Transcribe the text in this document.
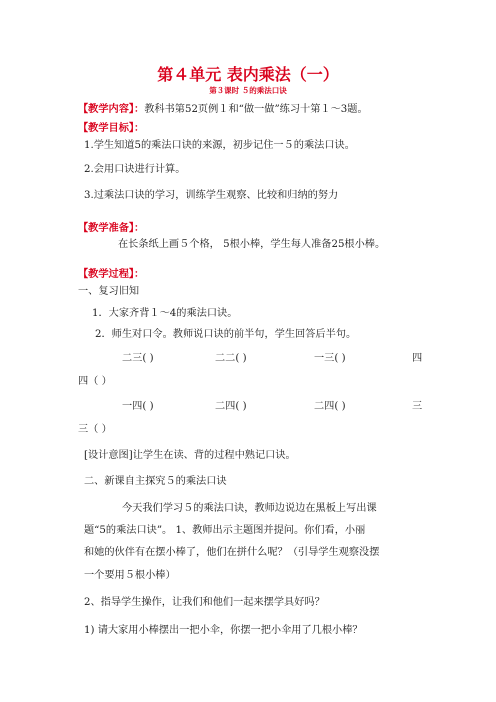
第４单元 表内乘法（一）
第３课时 ５的乘法口诀
【教学内容】：教科书第52页例１和“做一做”练习十第１～3题。
【教学目标】：
1.学生知道5的乘法口诀的来源，初步记住一５的乘法口诀。
2.会用口诀进行计算。
3.过乘法口诀的学习，训练学生观察、比较和归纳的努力
【教学准备】：
在长条纸上画５个格， 5根小棒，学生每人准备25根小棒。
【教学过程】：
一、复习旧知
1．大家齐背１～4的乘法口诀。
2．师生对口令。教师说口诀的前半句，学生回答后半句。
二三( )	二二( )	一三( )	四
四（ ）
一四( )	二四( )	二四( )	三
三（ ）
[设计意图]让学生在读、背的过程中熟记口诀。
二、新课自主探究５的乘法口诀
今天我们学习５的乘法口诀，教师边说边在黑板上写出课
题“5的乘法口诀”。 1、教师出示主题图并提问。你们看，小丽
和她的伙伴有在摆小棒了，他们在拼什么呢？（引导学生观察没摆
一个要用５根小棒）
2、指导学生操作，让我们和他们一起来摆学具好吗？
1) 请大家用小棒摆出一把小伞，你摆一把小伞用了几根小棒？
